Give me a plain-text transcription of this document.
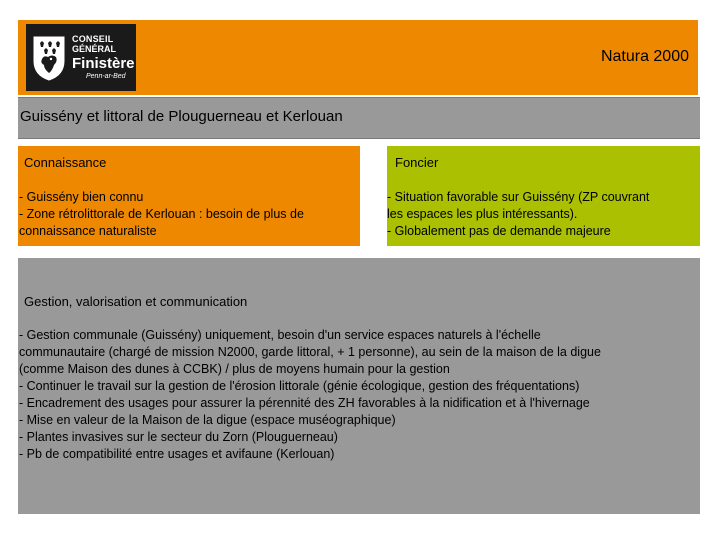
CONSEIL
GÉNÉRAL
Finistère
Penn-ar-Bed
Natura 2000
Guissény et littoral de Plouguerneau et Kerlouan
Connaissance
- Guissény bien connu
- Zone rétrolittorale de Kerlouan : besoin de plus de
connaissance naturaliste
Foncier
- Situation favorable sur Guissény (ZP couvrant
les espaces les plus intéressants).
- Globalement pas de demande majeure
Gestion, valorisation et communication
- Gestion communale (Guissény) uniquement, besoin d'un service espaces naturels à l'échelle
communautaire (chargé de mission N2000, garde littoral, + 1 personne), au sein de la maison de la digue
(comme Maison des dunes à CCBK) / plus de moyens humain pour la gestion
- Continuer le travail sur la gestion de l'érosion littorale (génie écologique, gestion des fréquentations)
- Encadrement des usages pour assurer la pérennité des ZH favorables à la nidification et à l'hivernage
- Mise en valeur de la Maison de la digue (espace muséographique)
- Plantes invasives sur le secteur du Zorn (Plouguerneau)
- Pb de compatibilité entre usages et avifaune (Kerlouan)
